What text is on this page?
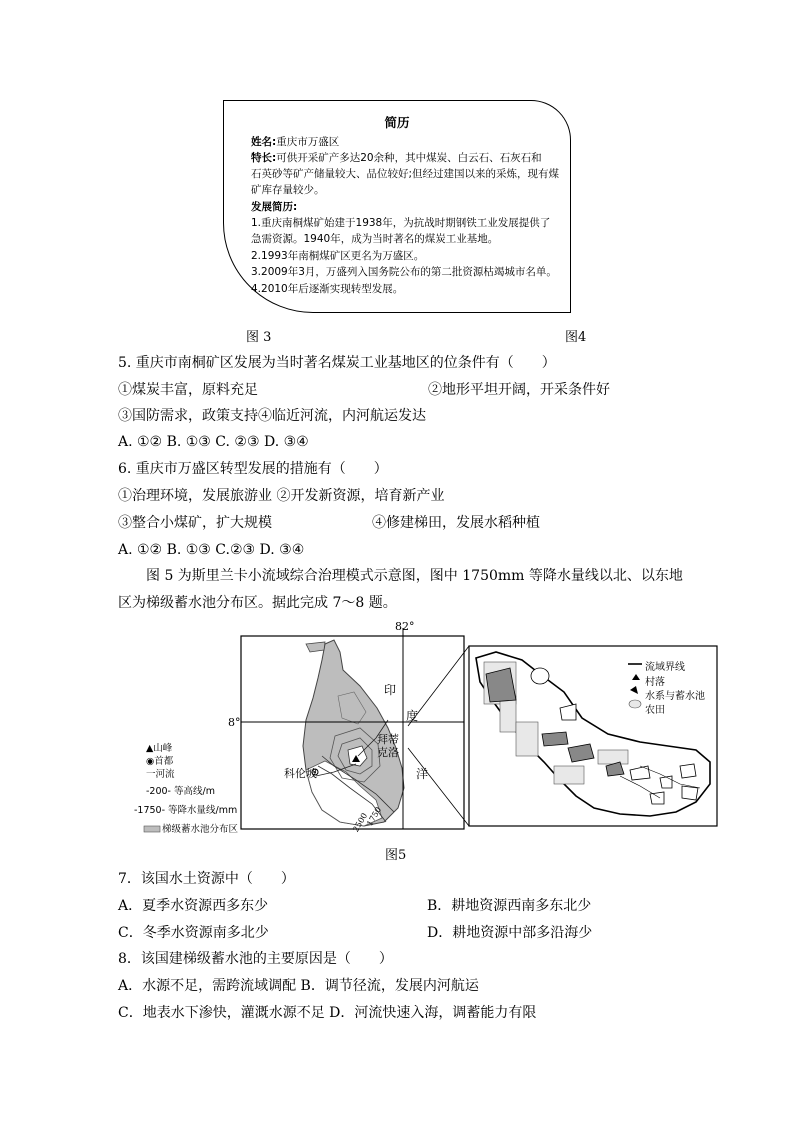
简历
姓名:重庆市万盛区
特长:可供开采矿产多达20余种，其中煤炭、白云石、石灰石和
石英砂等矿产储量较大、品位较好;但经过建国以来的采炼，现有煤
矿库存量较少。
发展简历:
1.重庆南桐煤矿始建于1938年，为抗战时期钢铁工业发展提供了
急需资源。1940年，成为当时著名的煤炭工业基地。
2.1993年南桐煤矿区更名为万盛区。
3.2009年3月，万盛列入国务院公布的第二批资源枯竭城市名单。
4.2010年后逐渐实现转型发展。
图 3	图4
5. 重庆市南桐矿区发展为当时著名煤炭工业基地区的位条件有（　　）
①煤炭丰富，原料充足	②地形平坦开阔，开采条件好
③国防需求，政策支持④临近河流，内河航运发达
A. ①② B. ①③ C. ②③ D. ③④
6. 重庆市万盛区转型发展的措施有（　　）
①治理环境，发展旅游业 ②开发新资源，培育新产业
③整合小煤矿，扩大规模	④修建梯田，发展水稻种植
A. ①② B. ①③ C.②③ D. ③④
图 5 为斯里兰卡小流域综合治理模式示意图，图中 1750mm 等降水量线以北、以东地
区为梯级蓄水池分布区。据此完成 7～8 题。
82°
8°
印
度
洋
拜蒂
克洛
科伦坡
1750
2500
▲山峰
◉首都
一河流
-200- 等高线/m
-1750- 等降水量线/mm
梯级蓄水池分布区
流域界线
村落
水系与蓄水池
农田
图5
7．该国水土资源中（　　）
A．夏季水资源西多东少	B．耕地资源西南多东北少
C．冬季水资源南多北少	D．耕地资源中部多沿海少
8．该国建梯级蓄水池的主要原因是（　　）
A．水源不足，需跨流域调配 B．调节径流，发展内河航运
C．地表水下渗快，灌溉水源不足 D．河流快速入海，调蓄能力有限
